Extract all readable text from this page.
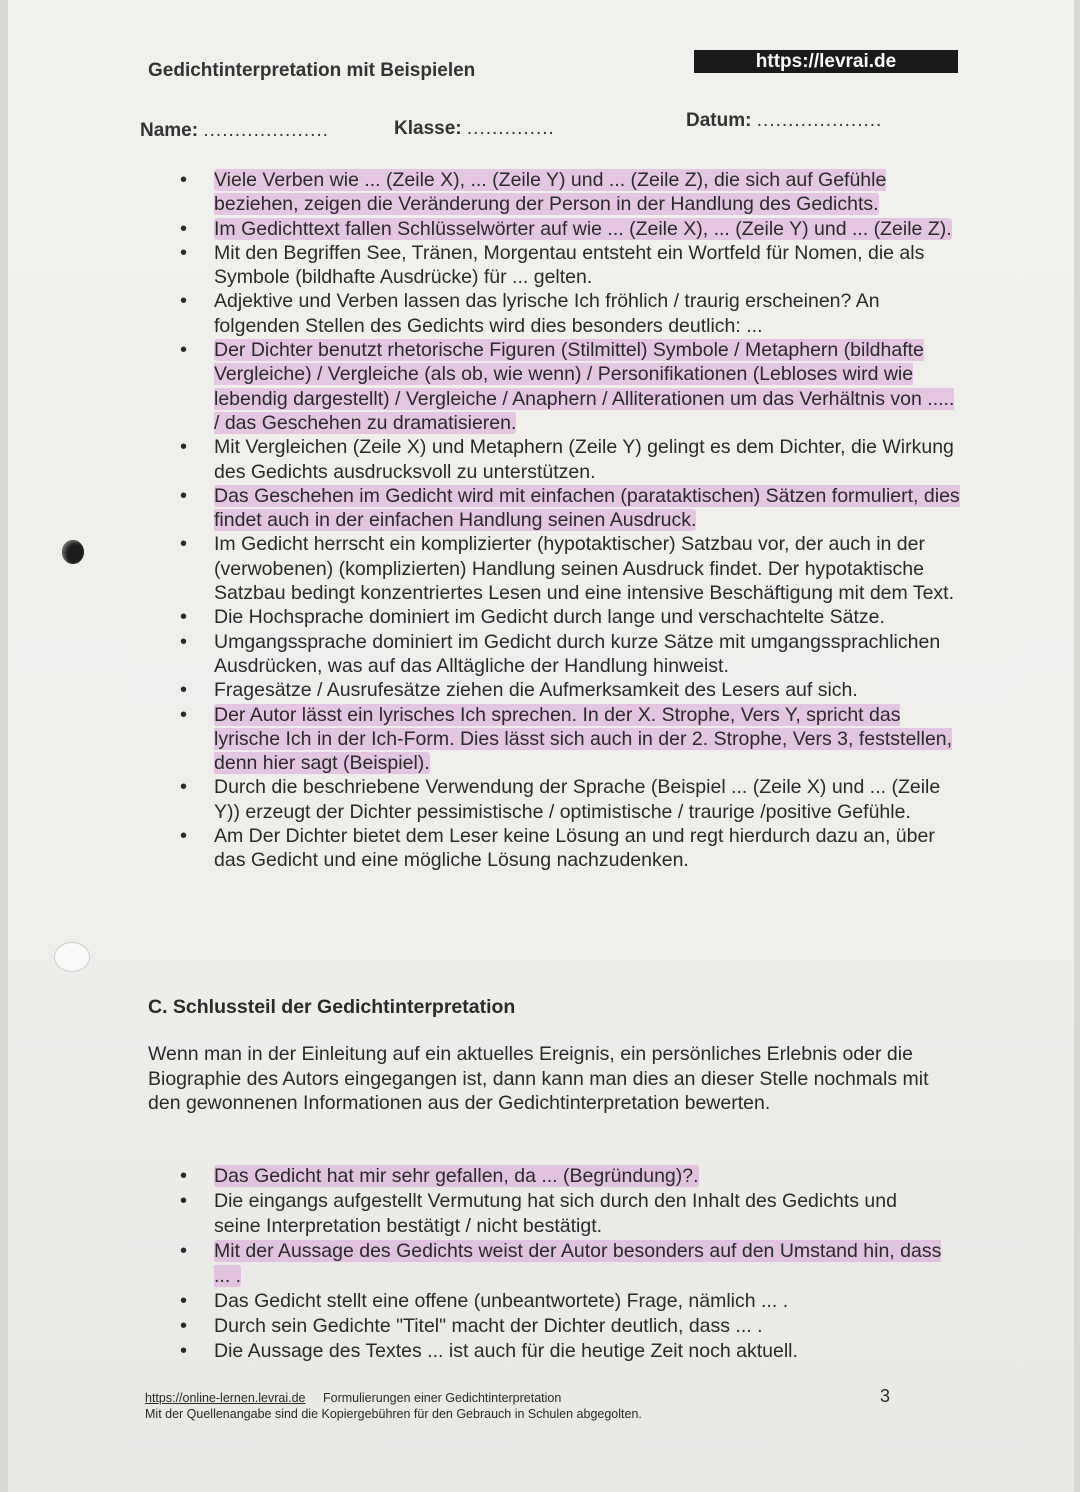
Gedichtinterpretation mit Beispielen	https://levrai.de
Name: ....................	Klasse: ..............	Datum: ....................
• Viele Verben wie ... (Zeile X), ... (Zeile Y) und ... (Zeile Z), die sich auf Gefühle beziehen, zeigen die Veränderung der Person in der Handlung des Gedichts.
• Im Gedichttext fallen Schlüsselwörter auf wie ... (Zeile X), ... (Zeile Y) und ... (Zeile Z).
• Mit den Begriffen See, Tränen, Morgentau entsteht ein Wortfeld für Nomen, die als Symbole (bildhafte Ausdrücke) für ... gelten.
• Adjektive und Verben lassen das lyrische Ich fröhlich / traurig erscheinen? An folgenden Stellen des Gedichts wird dies besonders deutlich: ...
• Der Dichter benutzt rhetorische Figuren (Stilmittel) Symbole / Metaphern (bildhafte Vergleiche) / Vergleiche (als ob, wie wenn) / Personifikationen (Lebloses wird wie lebendig dargestellt) / Vergleiche / Anaphern / Alliterationen um das Verhältnis von ..... / das Geschehen zu dramatisieren.
• Mit Vergleichen (Zeile X) und Metaphern (Zeile Y) gelingt es dem Dichter, die Wirkung des Gedichts ausdrucksvoll zu unterstützen.
• Das Geschehen im Gedicht wird mit einfachen (parataktischen) Sätzen formuliert, dies findet auch in der einfachen Handlung seinen Ausdruck.
• Im Gedicht herrscht ein komplizierter (hypotaktischer) Satzbau vor, der auch in der (verwobenen) (komplizierten) Handlung seinen Ausdruck findet. Der hypotaktische Satzbau bedingt konzentriertes Lesen und eine intensive Beschäftigung mit dem Text.
• Die Hochsprache dominiert im Gedicht durch lange und verschachtelte Sätze.
• Umgangssprache dominiert im Gedicht durch kurze Sätze mit umgangssprachlichen Ausdrücken, was auf das Alltägliche der Handlung hinweist.
• Fragesätze / Ausrufesätze ziehen die Aufmerksamkeit des Lesers auf sich.
• Der Autor lässt ein lyrisches Ich sprechen. In der X. Strophe, Vers Y, spricht das lyrische Ich in der Ich-Form. Dies lässt sich auch in der 2. Strophe, Vers 3, feststellen, denn hier sagt (Beispiel).
• Durch die beschriebene Verwendung der Sprache (Beispiel ... (Zeile X) und ... (Zeile Y)) erzeugt der Dichter pessimistische / optimistische / traurige /positive Gefühle.
• Am Der Dichter bietet dem Leser keine Lösung an und regt hierdurch dazu an, über das Gedicht und eine mögliche Lösung nachzudenken.
C. Schlussteil der Gedichtinterpretation

Wenn man in der Einleitung auf ein aktuelles Ereignis, ein persönliches Erlebnis oder die Biographie des Autors eingegangen ist, dann kann man dies an dieser Stelle nochmals mit den gewonnenen Informationen aus der Gedichtinterpretation bewerten.

• Das Gedicht hat mir sehr gefallen, da ... (Begründung)?.
• Die eingangs aufgestellt Vermutung hat sich durch den Inhalt des Gedichts und seine Interpretation bestätigt / nicht bestätigt.
• Mit der Aussage des Gedichts weist der Autor besonders auf den Umstand hin, dass ... .
• Das Gedicht stellt eine offene (unbeantwortete) Frage, nämlich ... .
• Durch sein Gedichte "Titel" macht der Dichter deutlich, dass ... .
• Die Aussage des Textes ... ist auch für die heutige Zeit noch aktuell.
https://online-lernen.levrai.de Formulierungen einer Gedichtinterpretation
Mit der Quellenangabe sind die Kopiergebühren für den Gebrauch in Schulen abgegolten.
3
